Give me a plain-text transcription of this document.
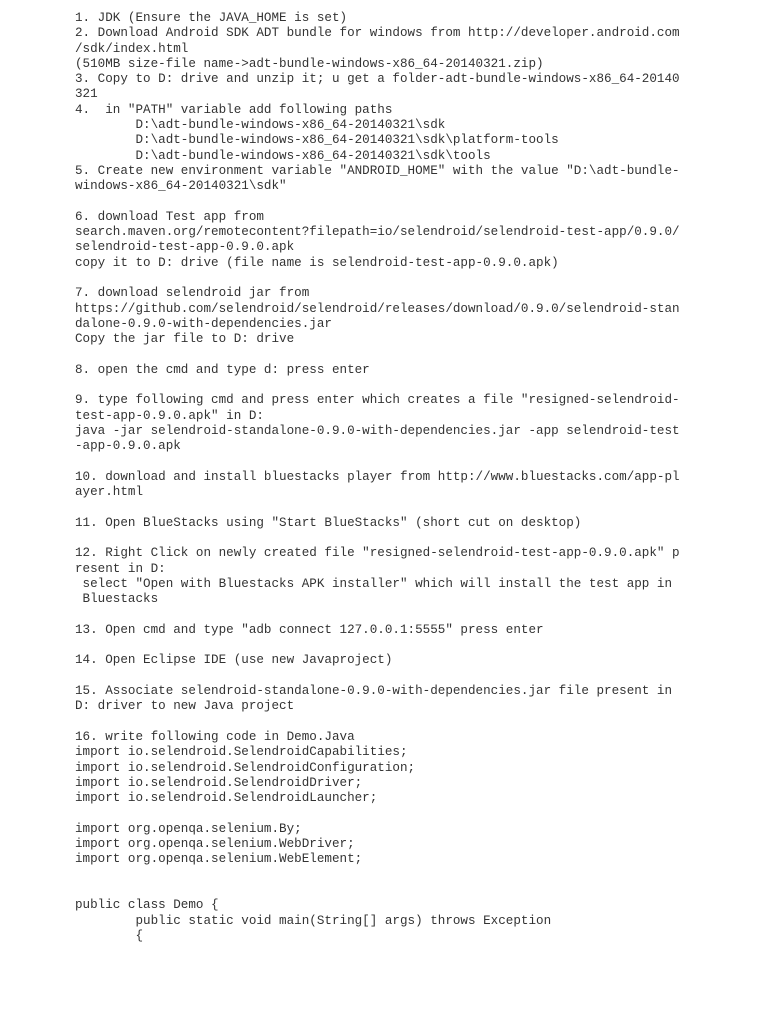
1. JDK (Ensure the JAVA_HOME is set)
2. Download Android SDK ADT bundle for windows from http://developer.android.com
/sdk/index.html
(510MB size-file name->adt-bundle-windows-x86_64-20140321.zip)
3. Copy to D: drive and unzip it; u get a folder-adt-bundle-windows-x86_64-20140
321
4.  in "PATH" variable add following paths
D:\adt-bundle-windows-x86_64-20140321\sdk
D:\adt-bundle-windows-x86_64-20140321\sdk\platform-tools
D:\adt-bundle-windows-x86_64-20140321\sdk\tools
5. Create new environment variable "ANDROID_HOME" with the value "D:\adt-bundle-
windows-x86_64-20140321\sdk"
6. download Test app from
search.maven.org/remotecontent?filepath=io/selendroid/selendroid-test-app/0.9.0/
selendroid-test-app-0.9.0.apk
copy it to D: drive (file name is selendroid-test-app-0.9.0.apk)
7. download selendroid jar from
https://github.com/selendroid/selendroid/releases/download/0.9.0/selendroid-stan
dalone-0.9.0-with-dependencies.jar
Copy the jar file to D: drive
8. open the cmd and type d: press enter
9. type following cmd and press enter which creates a file "resigned-selendroid-
test-app-0.9.0.apk" in D:
java -jar selendroid-standalone-0.9.0-with-dependencies.jar -app selendroid-test
-app-0.9.0.apk
10. download and install bluestacks player from http://www.bluestacks.com/app-pl
ayer.html
11. Open BlueStacks using "Start BlueStacks" (short cut on desktop)
12. Right Click on newly created file "resigned-selendroid-test-app-0.9.0.apk" p
resent in D:
select "Open with Bluestacks APK installer" which will install the test app in
Bluestacks
13. Open cmd and type "adb connect 127.0.0.1:5555" press enter
14. Open Eclipse IDE (use new Javaproject)
15. Associate selendroid-standalone-0.9.0-with-dependencies.jar file present in
D: driver to new Java project
16. write following code in Demo.Java
import io.selendroid.SelendroidCapabilities;
import io.selendroid.SelendroidConfiguration;
import io.selendroid.SelendroidDriver;
import io.selendroid.SelendroidLauncher;
import org.openqa.selenium.By;
import org.openqa.selenium.WebDriver;
import org.openqa.selenium.WebElement;
public class Demo {
public static void main(String[] args) throws Exception
{
